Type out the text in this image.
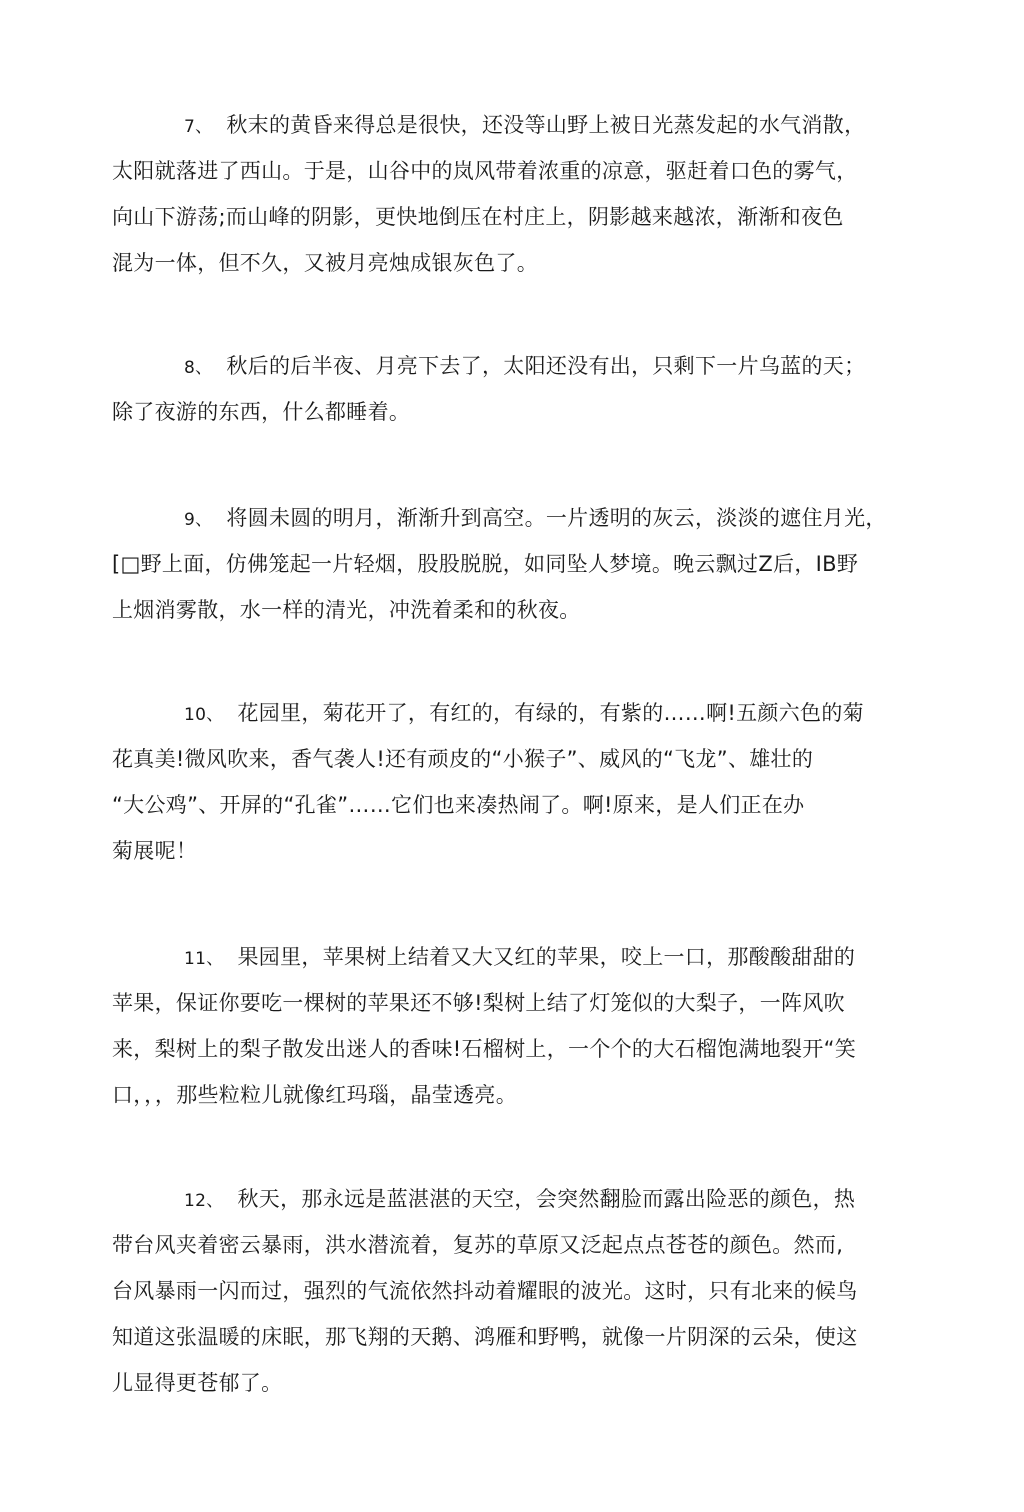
7、 秋末的黄昏来得总是很快，还没等山野上被日光蒸发起的水气消散，
太阳就落进了西山。于是，山谷中的岚风带着浓重的凉意，驱赶着口色的雾气，
向山下游荡;而山峰的阴影，更快地倒压在村庄上，阴影越来越浓，渐渐和夜色
混为一体，但不久，又被月亮烛成银灰色了。
8、 秋后的后半夜、月亮下去了，太阳还没有出，只剩下一片乌蓝的天；
除了夜游的东西，什么都睡着。
9、 将圆未圆的明月，渐渐升到高空。一片透明的灰云，淡淡的遮住月光，
[□野上面，仿佛笼起一片轻烟，股股脱脱，如同坠人梦境。晚云飘过Z后，IB野
上烟消雾散，水一样的清光，冲洗着柔和的秋夜。
10、 花园里，菊花开了，有红的，有绿的，有紫的……啊!五颜六色的菊
花真美!微风吹来，香气袭人!还有顽皮的“小猴子”、威风的“飞龙”、雄壮的
“大公鸡”、开屏的“孔雀”……它们也来凑热闹了。啊!原来，是人们正在办
菊展呢！
11、 果园里，苹果树上结着又大又红的苹果，咬上一口，那酸酸甜甜的
苹果，保证你要吃一棵树的苹果还不够!梨树上结了灯笼似的大梨子，一阵风吹
来，梨树上的梨子散发出迷人的香味!石榴树上，一个个的大石榴饱满地裂开“笑
口，，，那些粒粒儿就像红玛瑙，晶莹透亮。
12、 秋天，那永远是蓝湛湛的天空，会突然翻脸而露出险恶的颜色，热
带台风夹着密云暴雨，洪水潜流着，复苏的草原又泛起点点苍苍的颜色。然而,
台风暴雨一闪而过，强烈的气流依然抖动着耀眼的波光。这时，只有北来的候鸟
知道这张温暖的床眠，那飞翔的天鹅、鸿雁和野鸭，就像一片阴深的云朵，使这
儿显得更苍郁了。
